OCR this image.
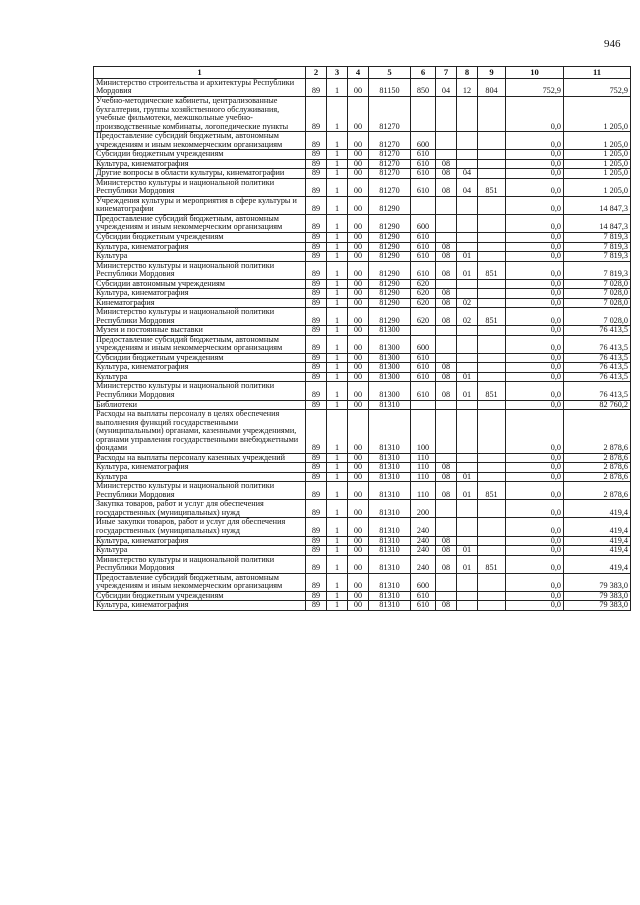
946
1	2	3	4	5	6	7	8	9	10	11
Министерство строительства и архитектуры Республики Мордовия	89	1	00	81150	850	04	12	804	752,9	752,9
Учебно-методические кабинеты, централизованные бухгалтерии, группы хозяйственного обслуживания, учебные фильмотеки, межшкольные учебно-производственные комбинаты, логопедические пункты	89	1	00	81270					0,0	1 205,0
Предоставление субсидий бюджетным, автономным учреждениям и иным некоммерческим организациям	89	1	00	81270	600				0,0	1 205,0
Субсидии бюджетным учреждениям	89	1	00	81270	610				0,0	1 205,0
Культура, кинематография	89	1	00	81270	610	08			0,0	1 205,0
Другие вопросы в области культуры, кинематографии	89	1	00	81270	610	08	04		0,0	1 205,0
Министерство культуры и национальной политики Республики Мордовия	89	1	00	81270	610	08	04	851	0,0	1 205,0
Учреждения культуры и мероприятия в сфере культуры и кинематографии	89	1	00	81290					0,0	14 847,3
Предоставление субсидий бюджетным, автономным учреждениям и иным некоммерческим организациям	89	1	00	81290	600				0,0	14 847,3
Субсидии бюджетным учреждениям	89	1	00	81290	610				0,0	7 819,3
Культура, кинематография	89	1	00	81290	610	08			0,0	7 819,3
Культура	89	1	00	81290	610	08	01		0,0	7 819,3
Министерство культуры и национальной политики Республики Мордовия	89	1	00	81290	610	08	01	851	0,0	7 819,3
Субсидии автономным учреждениям	89	1	00	81290	620				0,0	7 028,0
Культура, кинематография	89	1	00	81290	620	08			0,0	7 028,0
Кинематография	89	1	00	81290	620	08	02		0,0	7 028,0
Министерство культуры и национальной политики Республики Мордовия	89	1	00	81290	620	08	02	851	0,0	7 028,0
Музеи и постоянные выставки	89	1	00	81300					0,0	76 413,5
Предоставление субсидий бюджетным, автономным учреждениям и иным некоммерческим организациям	89	1	00	81300	600				0,0	76 413,5
Субсидии бюджетным учреждениям	89	1	00	81300	610				0,0	76 413,5
Культура, кинематография	89	1	00	81300	610	08			0,0	76 413,5
Культура	89	1	00	81300	610	08	01		0,0	76 413,5
Министерство культуры и национальной политики Республики Мордовия	89	1	00	81300	610	08	01	851	0,0	76 413,5
Библиотеки	89	1	00	81310					0,0	82 760,2
Расходы на выплаты персоналу в целях обеспечения выполнения функций государственными (муниципальными) органами, казенными учреждениями, органами управления государственными внебюджетными фондами	89	1	00	81310	100				0,0	2 878,6
Расходы на выплаты персоналу казенных учреждений	89	1	00	81310	110				0,0	2 878,6
Культура, кинематография	89	1	00	81310	110	08			0,0	2 878,6
Культура	89	1	00	81310	110	08	01		0,0	2 878,6
Министерство культуры и национальной политики Республики Мордовия	89	1	00	81310	110	08	01	851	0,0	2 878,6
Закупка товаров, работ и услуг для обеспечения государственных (муниципальных) нужд	89	1	00	81310	200				0,0	419,4
Иные закупки товаров, работ и услуг для обеспечения государственных (муниципальных) нужд	89	1	00	81310	240				0,0	419,4
Культура, кинематография	89	1	00	81310	240	08			0,0	419,4
Культура	89	1	00	81310	240	08	01		0,0	419,4
Министерство культуры и национальной политики Республики Мордовия	89	1	00	81310	240	08	01	851	0,0	419,4
Предоставление субсидий бюджетным, автономным учреждениям и иным некоммерческим организациям	89	1	00	81310	600				0,0	79 383,0
Субсидии бюджетным учреждениям	89	1	00	81310	610				0,0	79 383,0
Культура, кинематография	89	1	00	81310	610	08			0,0	79 383,0
